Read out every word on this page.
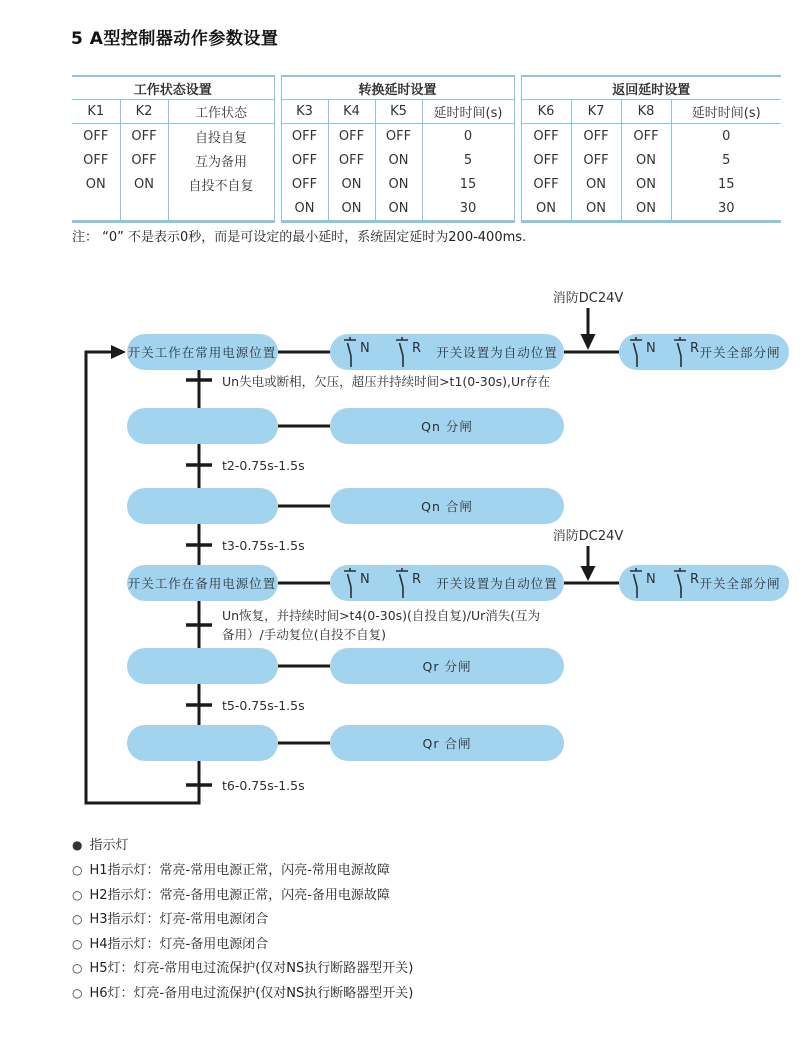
5 A型控制器动作参数设置
工作状态设置		
K1	K2	工作状态
OFF	OFF	自投自复
OFF	OFF	互为备用
ON	ON	自投不自复

转换延时设置			
K3	K4	K5	延时时间(s)
OFF	OFF	OFF	0
OFF	OFF	ON	5
OFF	ON	ON	15
ON	ON	ON	30
返回延时设置			
K6	K7	K8	延时时间(s)
OFF	OFF	OFF	0
OFF	OFF	ON	5
OFF	ON	ON	15
ON	ON	ON	30
注： “0” 不是表示0秒，而是可设定的最小延时，系统固定延时为200-400ms.
消防DC24V
消防DC24V
开关工作在常用电源位置	N	R 开关设置为自动位置	N	R 开关全部分闸
Un失电或断相，欠压，超压并持续时间>t1(0-30s),Ur存在
Qn 分闸
t2-0.75s-1.5s
Qn 合闸
t3-0.75s-1.5s
开关工作在备用电源位置	N	R 开关设置为自动位置	N	R 开关全部分闸
Un恢复，并持续时间>t4(0-30s)(自投自复)/Ur消失(互为
备用）/手动复位(自投不自复)
Qr 分闸
t5-0.75s-1.5s
Qr 合闸
t6-0.75s-1.5s
● 指示灯
○ H1指示灯：常亮-常用电源正常，闪亮-常用电源故障
○ H2指示灯：常亮-备用电源正常，闪亮-备用电源故障
○ H3指示灯：灯亮-常用电源闭合
○ H4指示灯：灯亮-备用电源闭合
○ H5灯：灯亮-常用电过流保护(仅对NS执行断路器型开关)
○ H6灯：灯亮-备用电过流保护(仅对NS执行断略器型开关)
